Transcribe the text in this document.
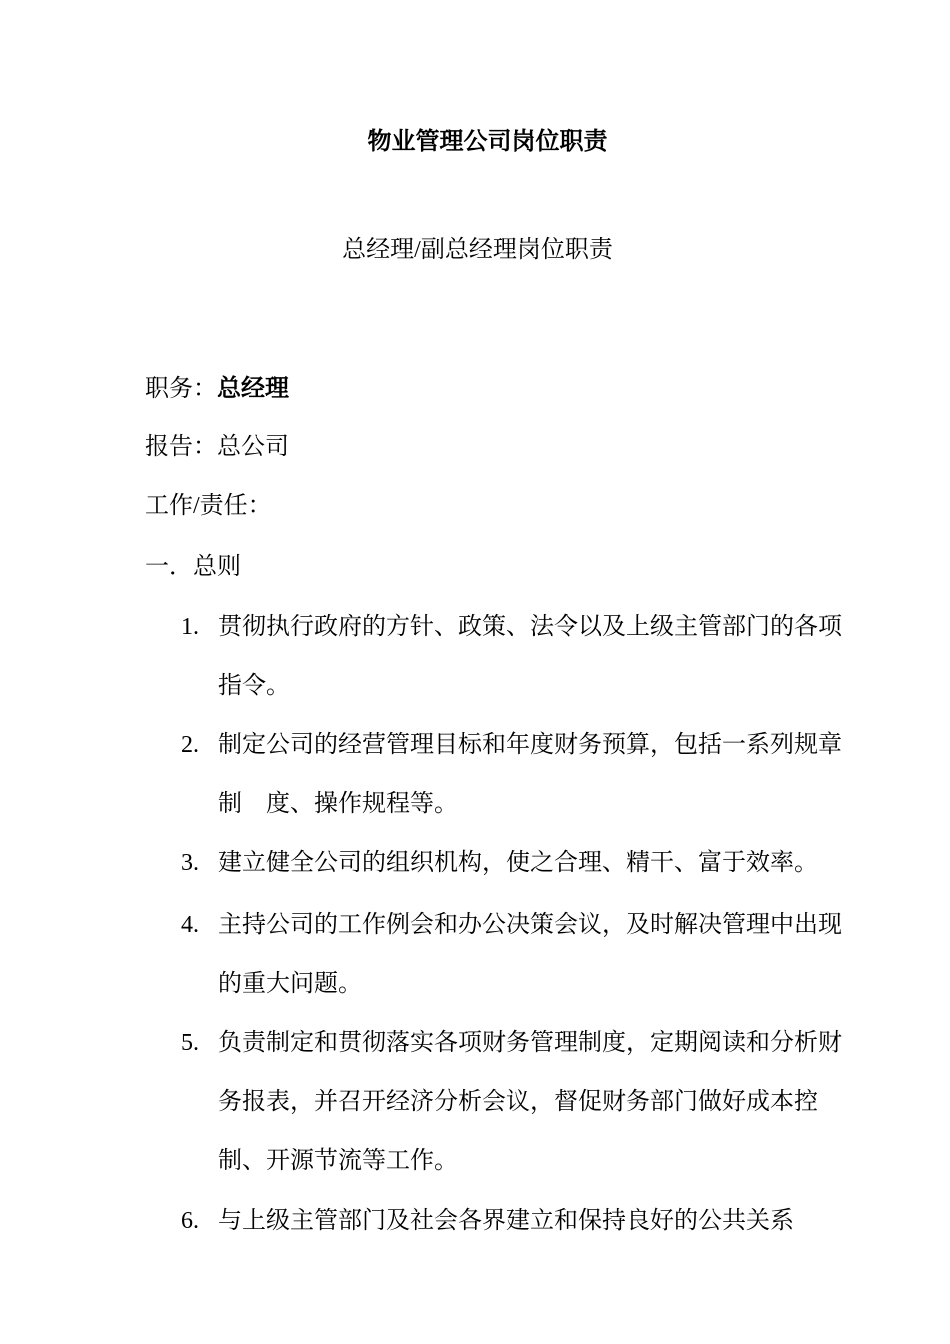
物业管理公司岗位职责
总经理/副总经理岗位职责
职务：总经理
报告：总公司
工作/责任：
一．总则
1. 贯彻执行政府的方针、政策、法令以及上级主管部门的各项指令。
2. 制定公司的经营管理目标和年度财务预算，包括一系列规章制    度、操作规程等。
3. 建立健全公司的组织机构，使之合理、精干、富于效率。
4. 主持公司的工作例会和办公决策会议，及时解决管理中出现的重大问题。
5. 负责制定和贯彻落实各项财务管理制度，定期阅读和分析财务报表，并召开经济分析会议，督促财务部门做好成本控制、开源节流等工作。
6. 与上级主管部门及社会各界建立和保持良好的公共关系
